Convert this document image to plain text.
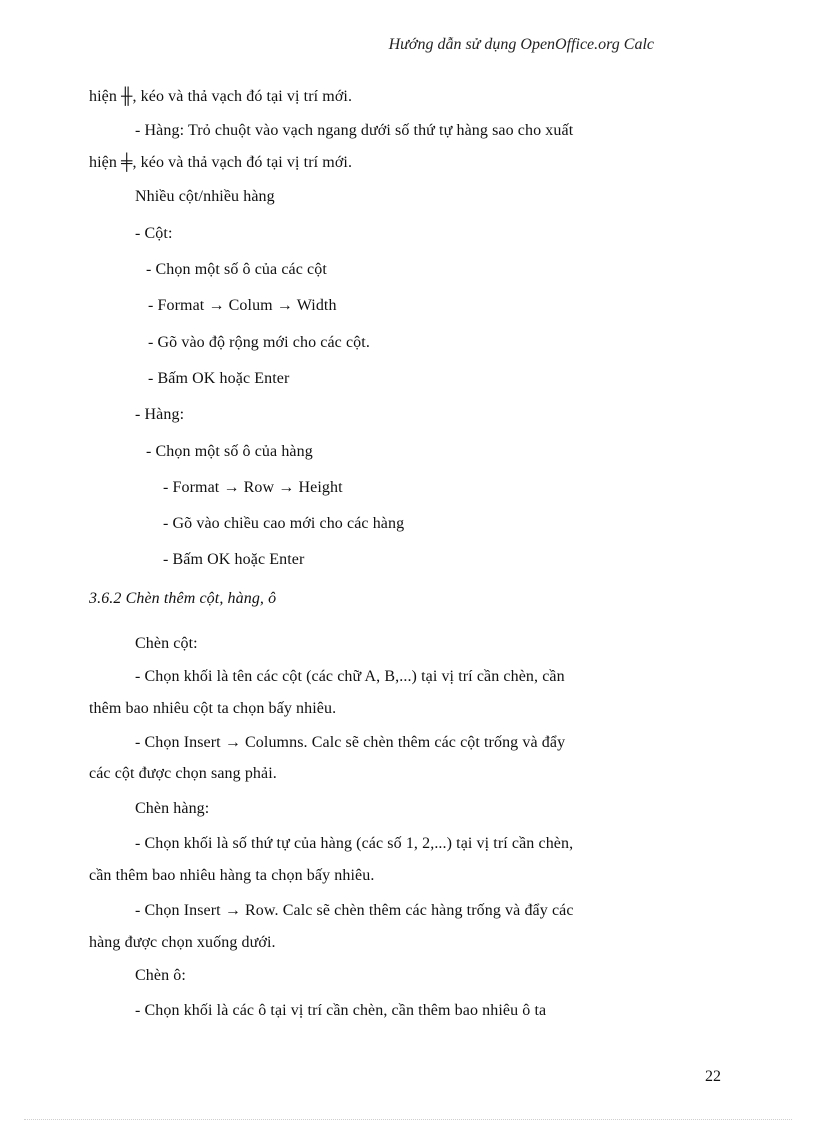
Hướng dẫn sử dụng OpenOffice.org Calc
hiện ╫, kéo và thả vạch đó tại vị trí mới.
- Hàng: Trỏ chuột vào vạch ngang dưới số thứ tự hàng sao cho xuất
hiện ╪, kéo và thả vạch đó tại vị trí mới.
Nhiều cột/nhiều hàng
- Cột:
- Chọn một số ô của các cột
- Format → Colum → Width
- Gõ vào độ rộng mới cho các cột.
- Bấm OK hoặc Enter
- Hàng:
- Chọn một số ô của hàng
- Format → Row → Height
- Gõ vào chiều cao mới cho các hàng
- Bấm OK hoặc Enter
3.6.2 Chèn thêm cột, hàng, ô
Chèn cột:
- Chọn khối là tên các cột (các chữ A, B,...) tại vị trí cần chèn, cần
thêm bao nhiêu cột ta chọn bấy nhiêu.
- Chọn Insert → Columns. Calc sẽ chèn thêm các cột trống và đẩy
các cột được chọn sang phải.
Chèn hàng:
- Chọn khối là số thứ tự của hàng (các số 1, 2,...) tại vị trí cần chèn,
cần thêm bao nhiêu hàng ta chọn bấy nhiêu.
- Chọn Insert → Row. Calc sẽ chèn thêm các hàng trống và đẩy các
hàng được chọn xuống dưới.
Chèn ô:
- Chọn khối là các ô tại vị trí cần chèn, cần thêm bao nhiêu ô ta
22
